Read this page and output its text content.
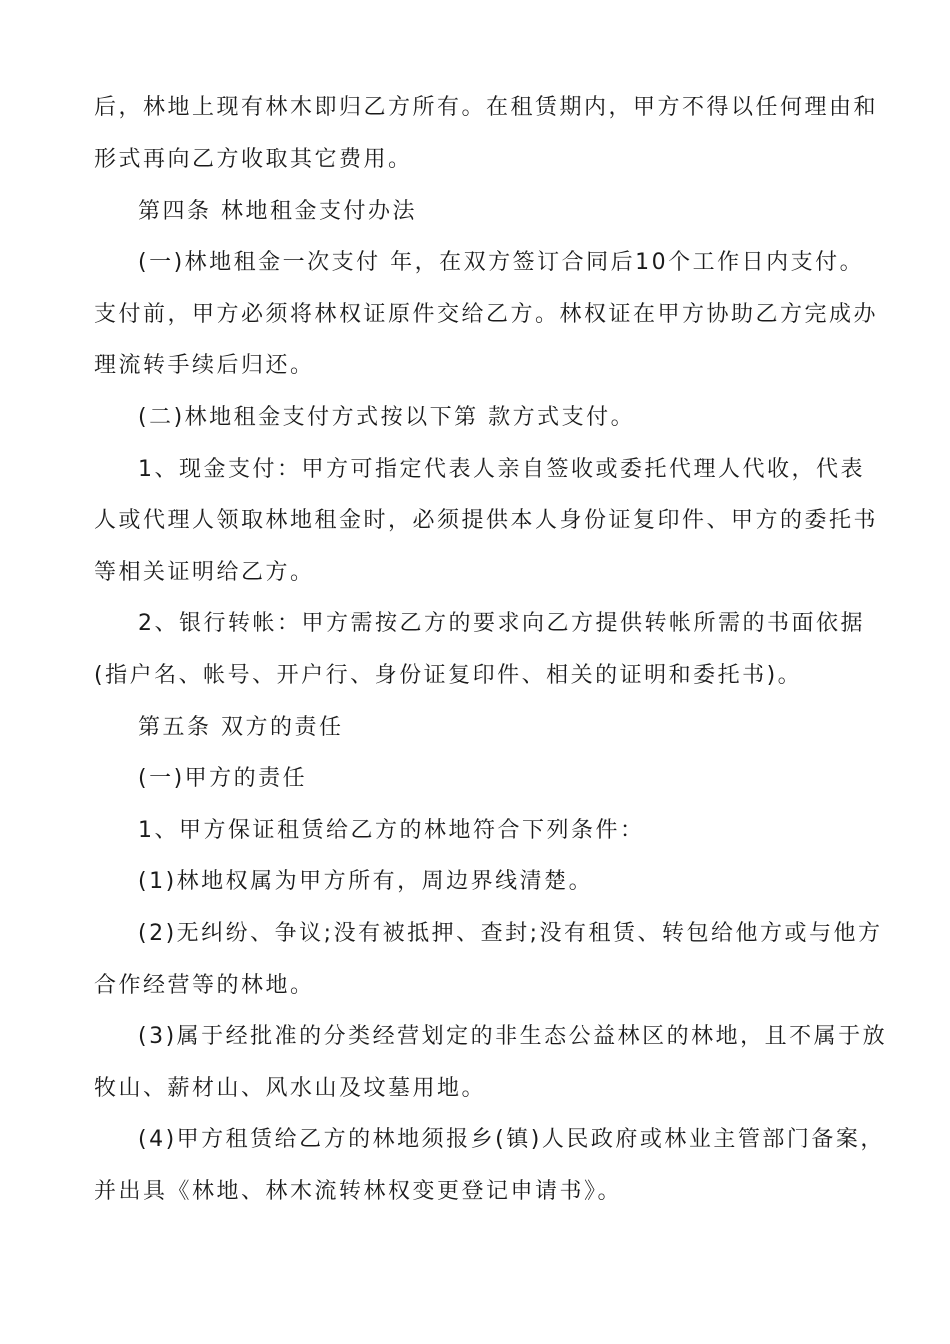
后，林地上现有林木即归乙方所有。在租赁期内，甲方不得以任何理由和
形式再向乙方收取其它费用。
第四条 林地租金支付办法
(一)林地租金一次支付 年，在双方签订合同后10个工作日内支付。
支付前，甲方必须将林权证原件交给乙方。林权证在甲方协助乙方完成办
理流转手续后归还。
(二)林地租金支付方式按以下第 款方式支付。
1、现金支付：甲方可指定代表人亲自签收或委托代理人代收，代表
人或代理人领取林地租金时，必须提供本人身份证复印件、甲方的委托书
等相关证明给乙方。
2、银行转帐：甲方需按乙方的要求向乙方提供转帐所需的书面依据
(指户名、帐号、开户行、身份证复印件、相关的证明和委托书)。
第五条 双方的责任
(一)甲方的责任
1、甲方保证租赁给乙方的林地符合下列条件：
(1)林地权属为甲方所有，周边界线清楚。
(2)无纠纷、争议;没有被抵押、查封;没有租赁、转包给他方或与他方
合作经营等的林地。
(3)属于经批准的分类经营划定的非生态公益林区的林地，且不属于放
牧山、薪材山、风水山及坟墓用地。
(4)甲方租赁给乙方的林地须报乡(镇)人民政府或林业主管部门备案，
并出具《林地、林木流转林权变更登记申请书》。
